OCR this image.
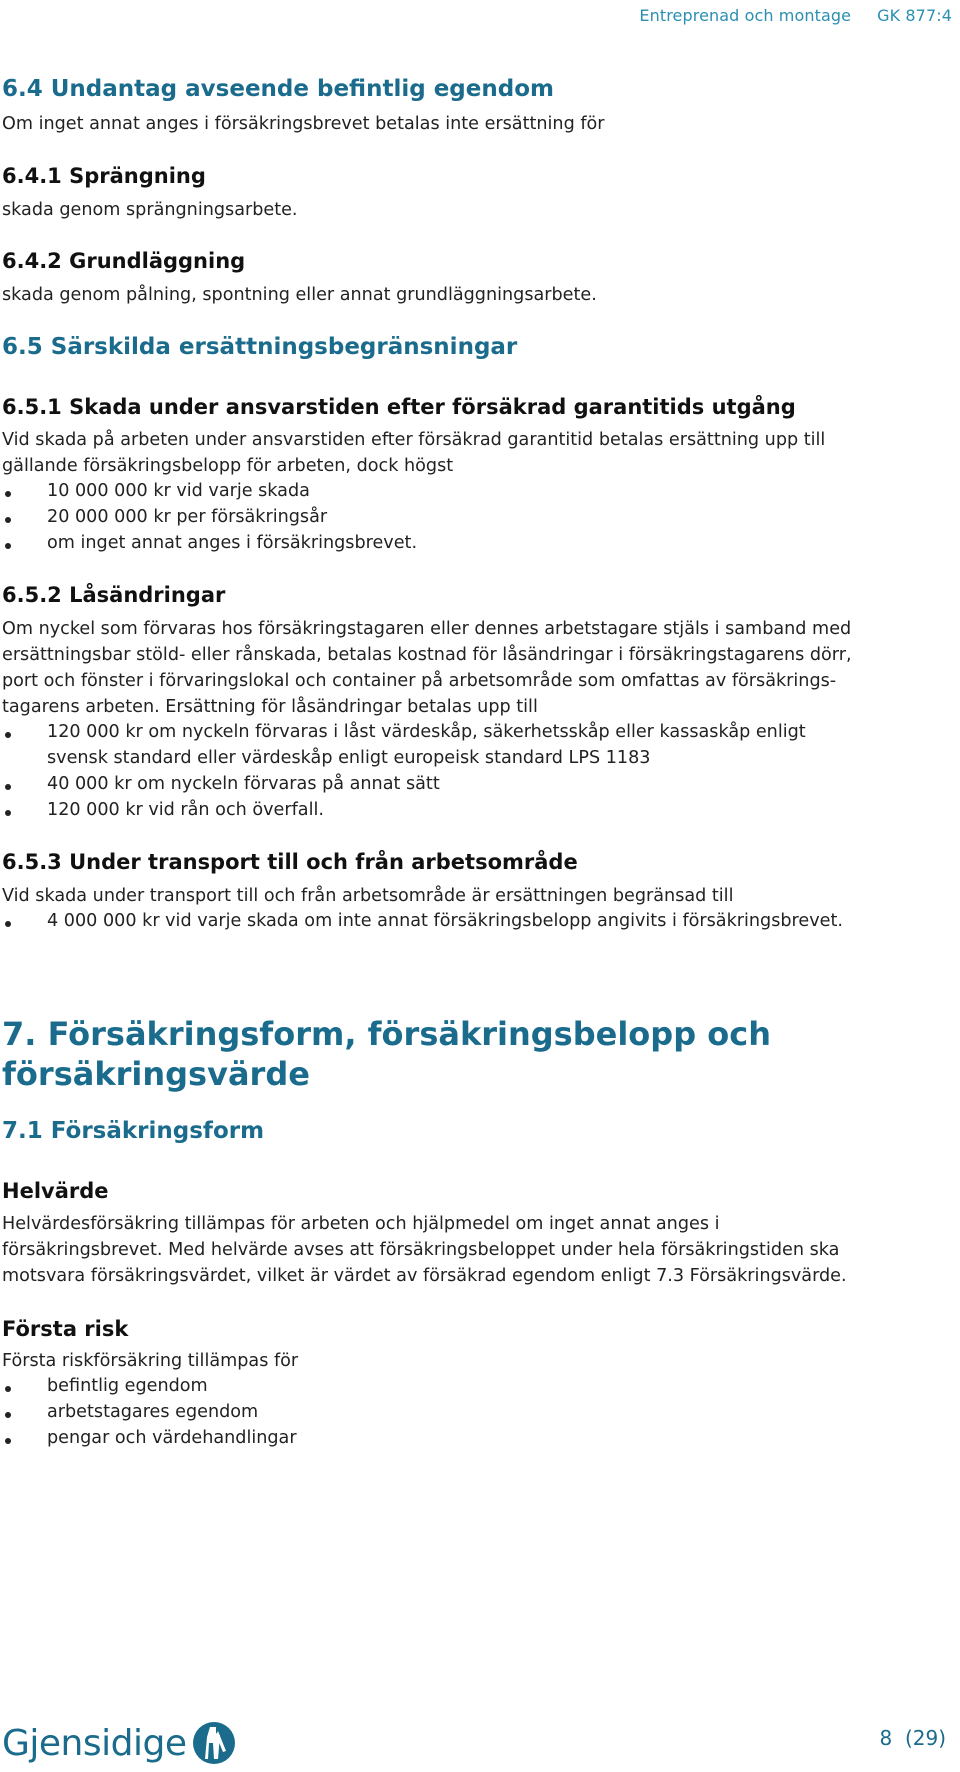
Entreprenad och montage GK 877:4
6.4 Undantag avseende befintlig egendom

Om inget annat anges i försäkringsbrevet betalas inte ersättning för

6.4.1 Sprängning

skada genom sprängningsarbete.

6.4.2 Grundläggning

skada genom pålning, spontning eller annat grundläggningsarbete.

6.5 Särskilda ersättningsbegränsningar
6.5.1 Skada under ansvarstiden efter försäkrad garantitids utgång

Vid skada på arbeten under ansvarstiden efter försäkrad garantitid betalas ersättning upp till

gällande försäkringsbelopp för arbeten, dock högst

10 000 000 kr vid varje skada
20 000 000 kr per försäkringsår
om inget annat anges i försäkringsbrevet.
6.5.2 Låsändringar

Om nyckel som förvaras hos försäkringstagaren eller dennes arbetstagare stjäls i samband med

ersättningsbar stöld- eller rånskada, betalas kostnad för låsändringar i försäkringstagarens dörr,

port och fönster i förvaringslokal och container på arbetsområde som omfattas av försäkrings-

tagarens arbeten. Ersättning för låsändringar betalas upp till

120 000 kr om nyckeln förvaras i låst värdeskåp, säkerhetsskåp eller kassaskåp enligt
svensk standard eller värdeskåp enligt europeisk standard LPS 1183
40 000 kr om nyckeln förvaras på annat sätt
120 000 kr vid rån och överfall.
6.5.3 Under transport till och från arbetsområde

Vid skada under transport till och från arbetsområde är ersättningen begränsad till

4 000 000 kr vid varje skada om inte annat försäkringsbelopp angivits i försäkringsbrevet.
7. Försäkringsform, försäkringsbelopp och
försäkringsvärde
7.1 Försäkringsform
Helvärde

Helvärdesförsäkring tillämpas för arbeten och hjälpmedel om inget annat anges i

försäkringsbrevet. Med helvärde avses att försäkringsbeloppet under hela försäkringstiden ska

motsvara försäkringsvärdet, vilket är värdet av försäkrad egendom enligt 7.3 Försäkringsvärde.

Första risk

Första riskförsäkring tillämpas för

befintlig egendom
arbetstagares egendom
pengar och värdehandlingar
Gjensidige	8 (29)
